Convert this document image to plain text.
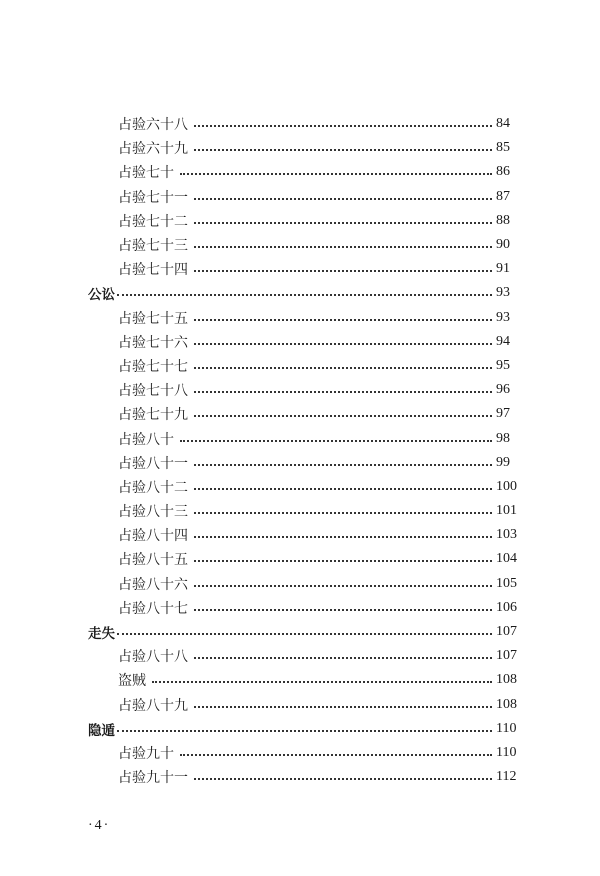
占验六十八	84
占验六十九	85
占验七十	86
占验七十一	87
占验七十二	88
占验七十三	90
占验七十四	91
公讼	93
占验七十五	93
占验七十六	94
占验七十七	95
占验七十八	96
占验七十九	97
占验八十	98
占验八十一	99
占验八十二	100
占验八十三	101
占验八十四	103
占验八十五	104
占验八十六	105
占验八十七	106
走失	107
占验八十八	107
盗贼	108
占验八十九	108
隐遁	110
占验九十	110
占验九十一	112
·4·
